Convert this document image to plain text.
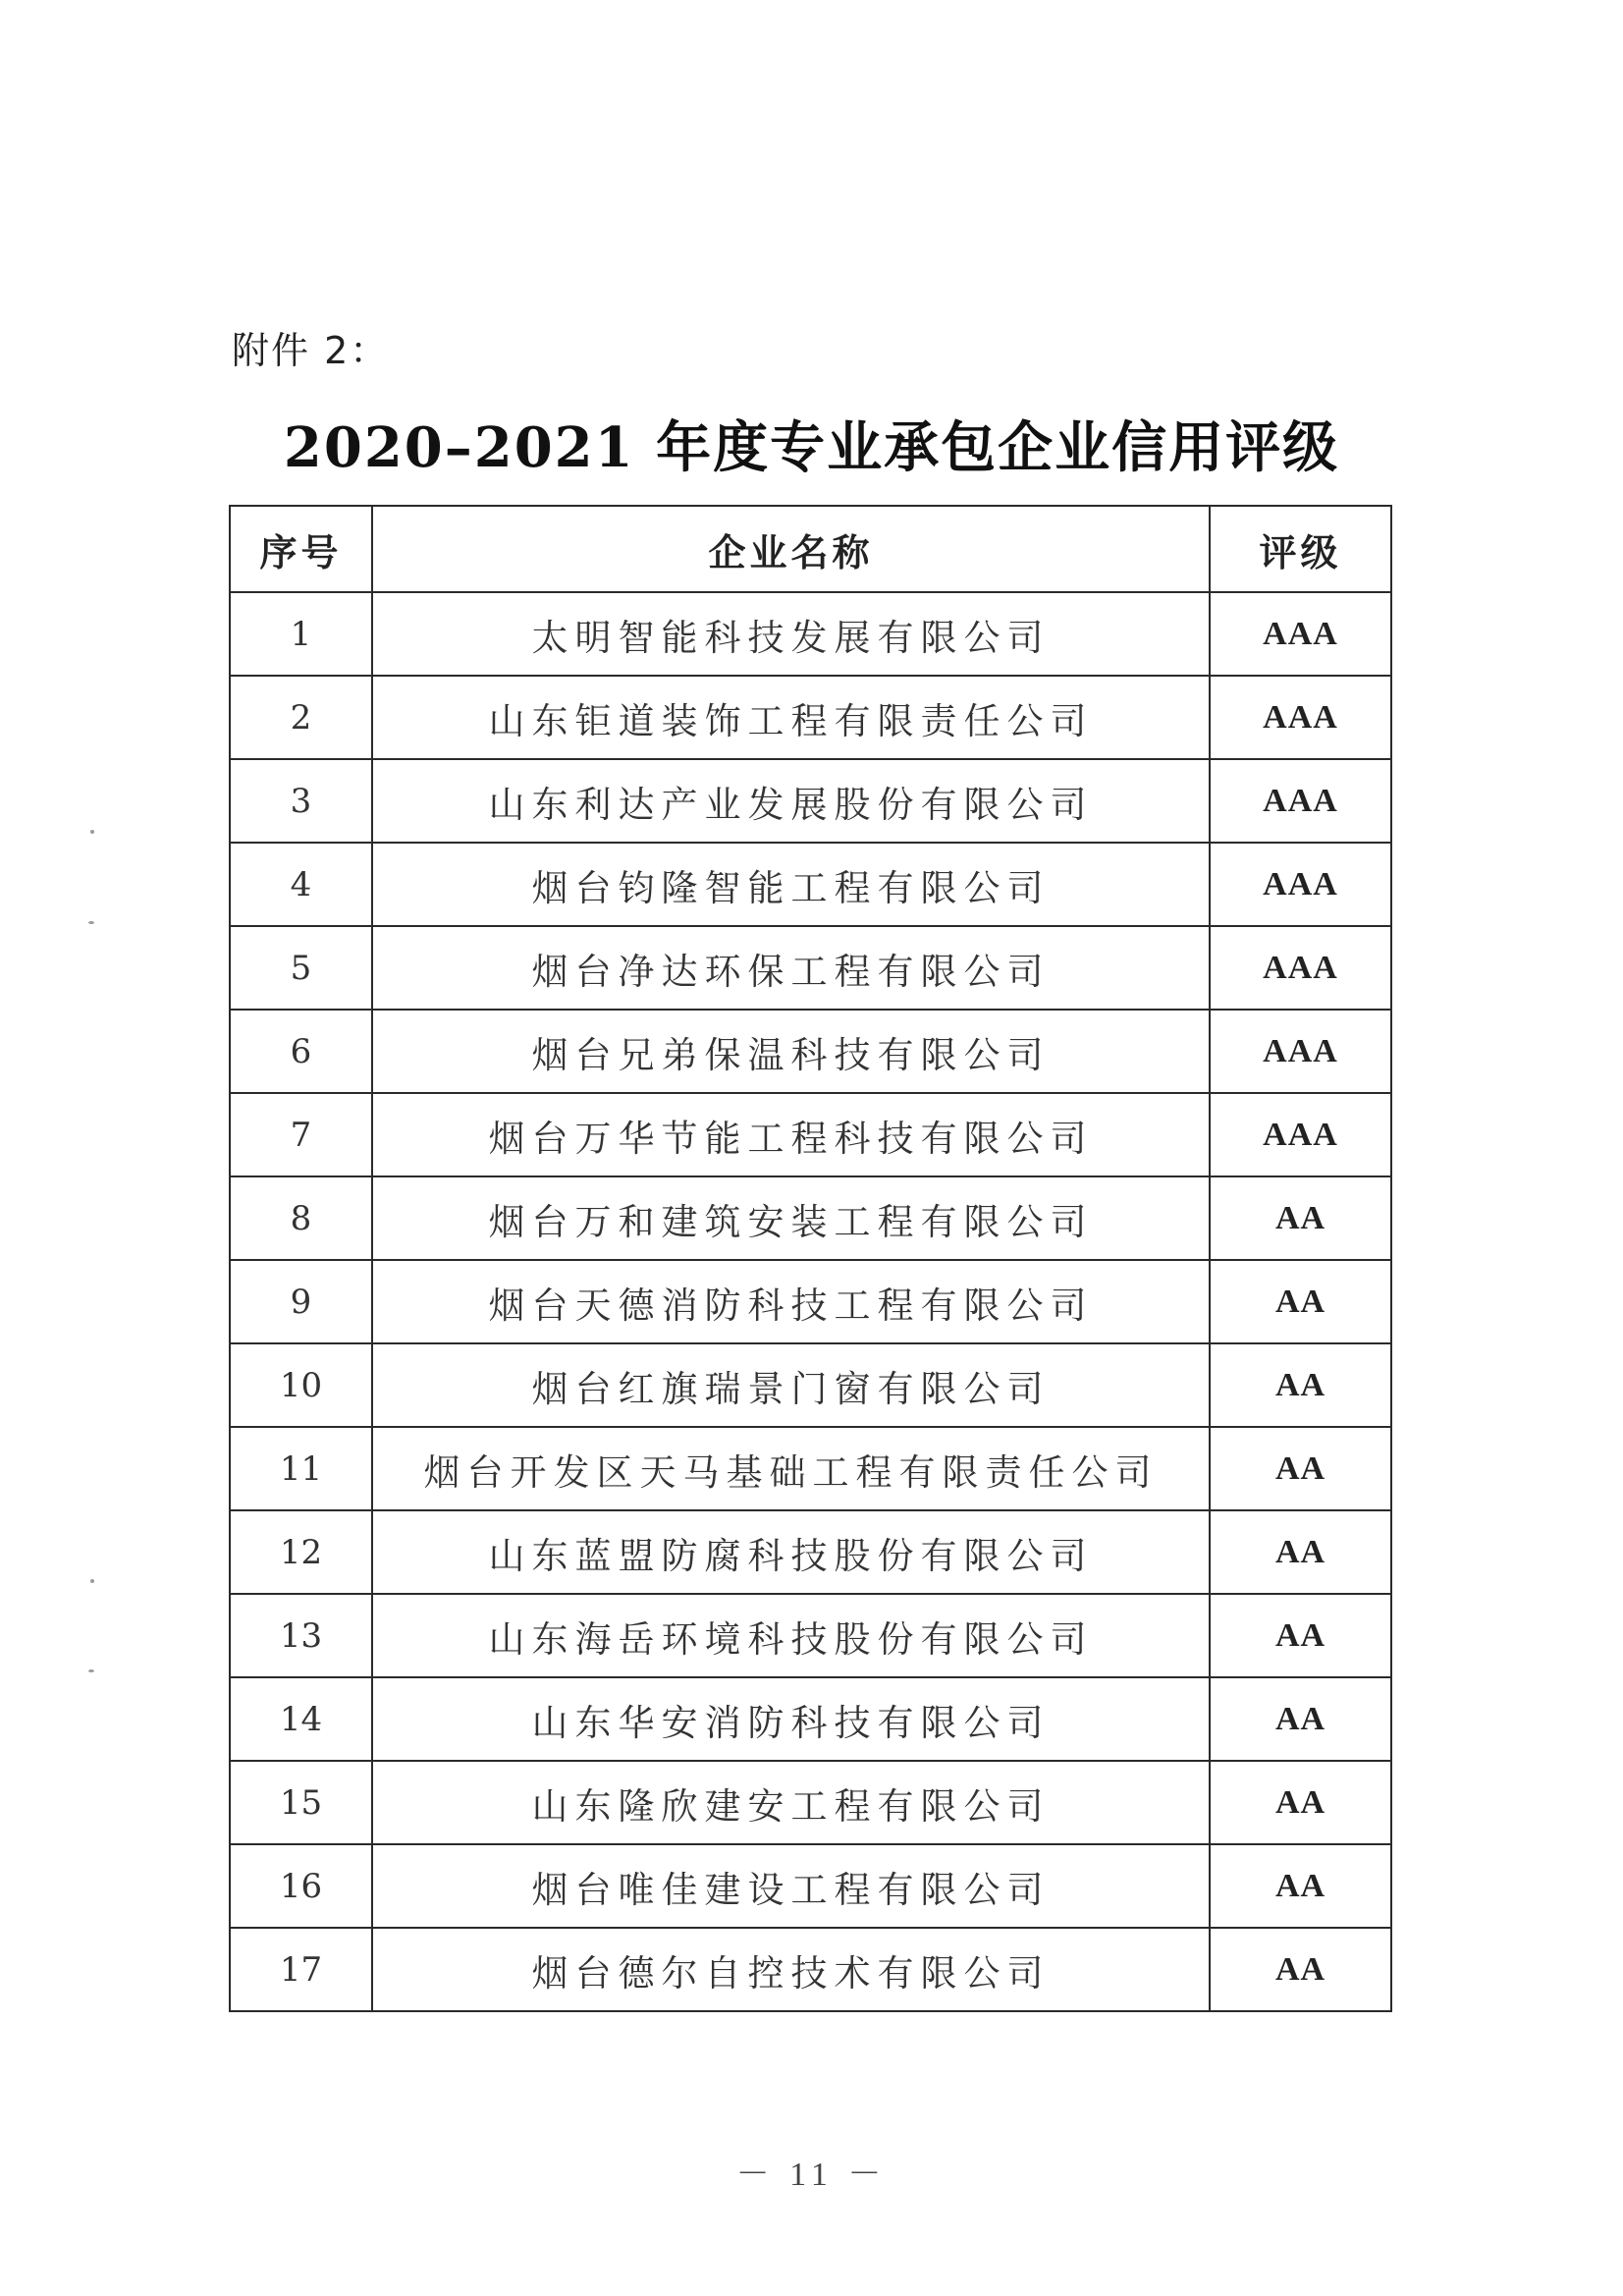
附件 2：
2020–2021 年度专业承包企业信用评级
序号	企业名称	评级
1	太明智能科技发展有限公司	AAA
2	山东钜道装饰工程有限责任公司	AAA
3	山东利达产业发展股份有限公司	AAA
4	烟台钧隆智能工程有限公司	AAA
5	烟台净达环保工程有限公司	AAA
6	烟台兄弟保温科技有限公司	AAA
7	烟台万华节能工程科技有限公司	AAA
8	烟台万和建筑安装工程有限公司	AA
9	烟台天德消防科技工程有限公司	AA
10	烟台红旗瑞景门窗有限公司	AA
11	烟台开发区天马基础工程有限责任公司	AA
12	山东蓝盟防腐科技股份有限公司	AA
13	山东海岳环境科技股份有限公司	AA
14	山东华安消防科技有限公司	AA
15	山东隆欣建安工程有限公司	AA
16	烟台唯佳建设工程有限公司	AA
17	烟台德尔自控技术有限公司	AA
－ 11 －
